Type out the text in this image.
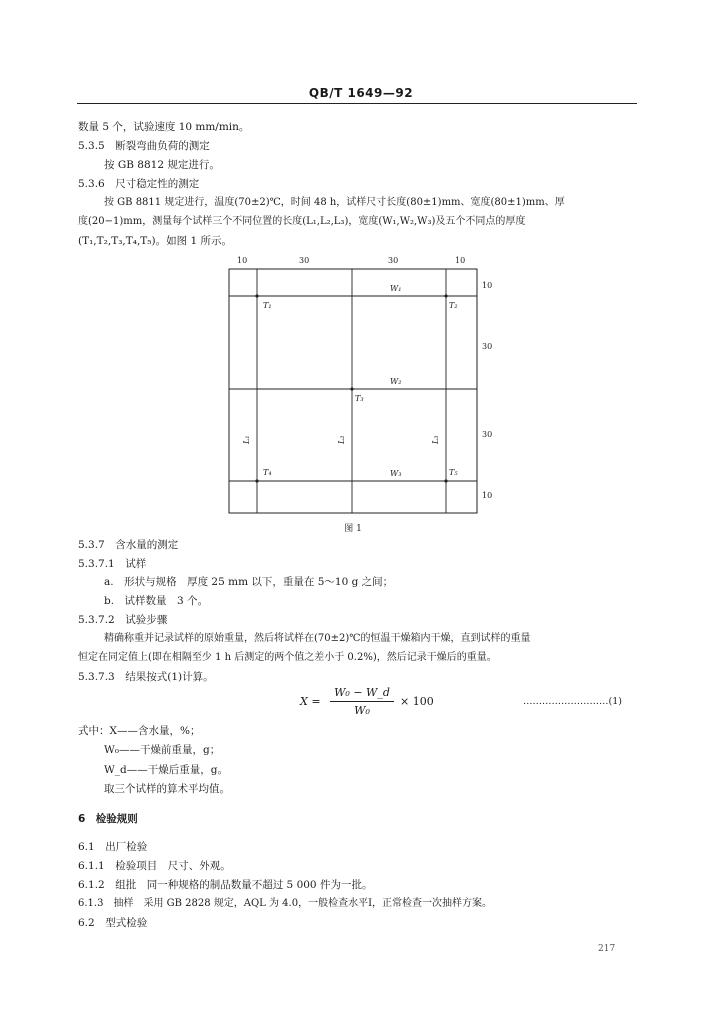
QB/T 1649—92
数量 5 个，试验速度 10 mm/min。
5.3.5　断裂弯曲负荷的测定
按 GB 8812 规定进行。
5.3.6　尺寸稳定性的测定
按 GB 8811 规定进行，温度(70±2)℃，时间 48 h，试样尺寸长度(80±1)mm、宽度(80±1)mm、厚
度(20−1)mm，测量每个试样三个不同位置的长度(L₁,L₂,L₃)，宽度(W₁,W₂,W₃)及五个不同点的厚度
(T₁,T₂,T₃,T₄,T₅)。如图 1 所示。
10	30	30	10
10
30
30
10
W₁
W₂
W₃
T₁	T₂
T₃
T₄	T₅
L₁	L₂	L₃
图 1
5.3.7　含水量的测定
5.3.7.1　试样
a.　形状与规格　厚度 25 mm 以下，重量在 5～10 g 之间；
b.　试样数量　3 个。
5.3.7.2　试验步骤
精确称重并记录试样的原始重量，然后将试样在(70±2)℃的恒温干燥箱内干燥，直到试样的重量
恒定在同定值上(即在相隔至少 1 h 后测定的两个值之差小于 0.2%)，然后记录干燥后的重量。
5.3.7.3　结果按式(1)计算。
X =
W₀ − W_d
W₀
× 100	………………………(1)
式中：X——含水量，%；
W₀——干燥前重量，g；
W_d——干燥后重量，g。
取三个试样的算术平均值。
6　检验规则
6.1　出厂检验
6.1.1　检验项目　尺寸、外观。
6.1.2　组批　同一种规格的制品数量不超过 5 000 件为一批。
6.1.3　抽样　采用 GB 2828 规定，AQL 为 4.0，一般检查水平Ⅰ，正常检查一次抽样方案。
6.2　型式检验
217
